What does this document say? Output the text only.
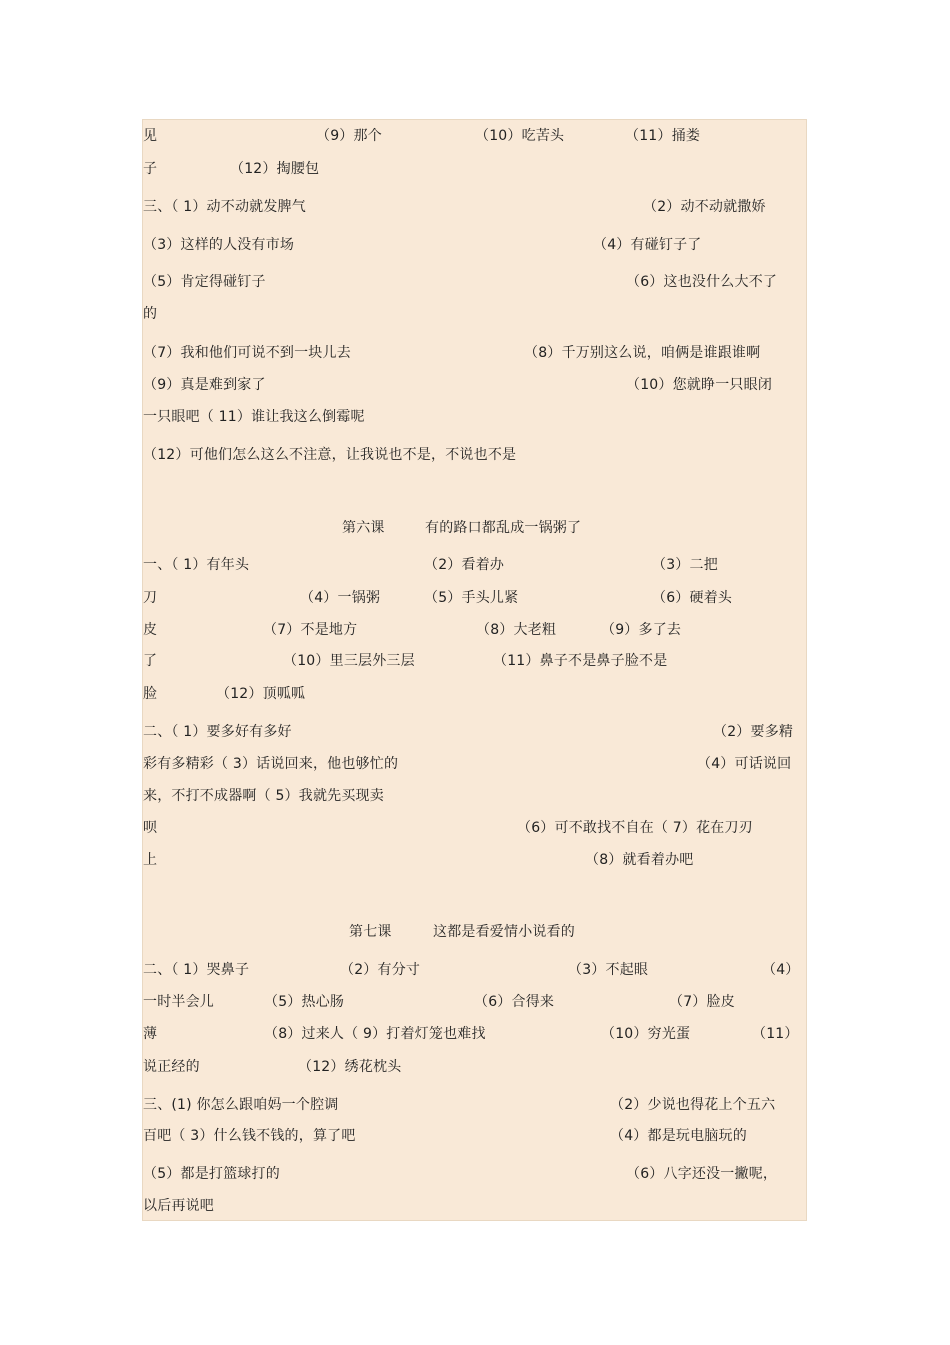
见	（9）那个	（10）吃苦头	（11）捅娄
子	（12）掏腰包
三、（ 1）动不动就发脾气	（2）动不动就撒娇
（3）这样的人没有市场	（4）有碰钉子了
（5）肯定得碰钉子	（6）这也没什么大不了
的
（7）我和他们可说不到一块儿去	（8）千万别这么说，咱俩是谁跟谁啊
（9）真是难到家了	（10）您就睁一只眼闭
一只眼吧（ 11）谁让我这么倒霉呢
（12）可他们怎么这么不注意，让我说也不是，不说也不是
第六课	有的路口都乱成一锅粥了
一、（ 1）有年头	（2）看着办	（3）二把
刀	（4）一锅粥	（5）手头儿紧	（6）硬着头
皮	（7）不是地方	（8）大老粗	（9）多了去
了	（10）里三层外三层	（11）鼻子不是鼻子脸不是
脸	（12）顶呱呱
二、（ 1）要多好有多好	（2）要多精
彩有多精彩（ 3）话说回来，他也够忙的	（4）可话说回
来，不打不成器啊（ 5）我就先买现卖
呗	（6）可不敢找不自在（ 7）花在刀刃
上	（8）就看着办吧
第七课	这都是看爱情小说看的
二、（ 1）哭鼻子	（2）有分寸	（3）不起眼	（4）
一时半会儿	（5）热心肠	（6）合得来	（7）脸皮
薄	（8）过来人（ 9）打着灯笼也难找	（10）穷光蛋	（11）
说正经的	（12）绣花枕头
三、(1) 你怎么跟咱妈一个腔调	（2）少说也得花上个五六
百吧（ 3）什么钱不钱的，算了吧	（4）都是玩电脑玩的
（5）都是打篮球打的	（6）八字还没一撇呢，
以后再说吧
